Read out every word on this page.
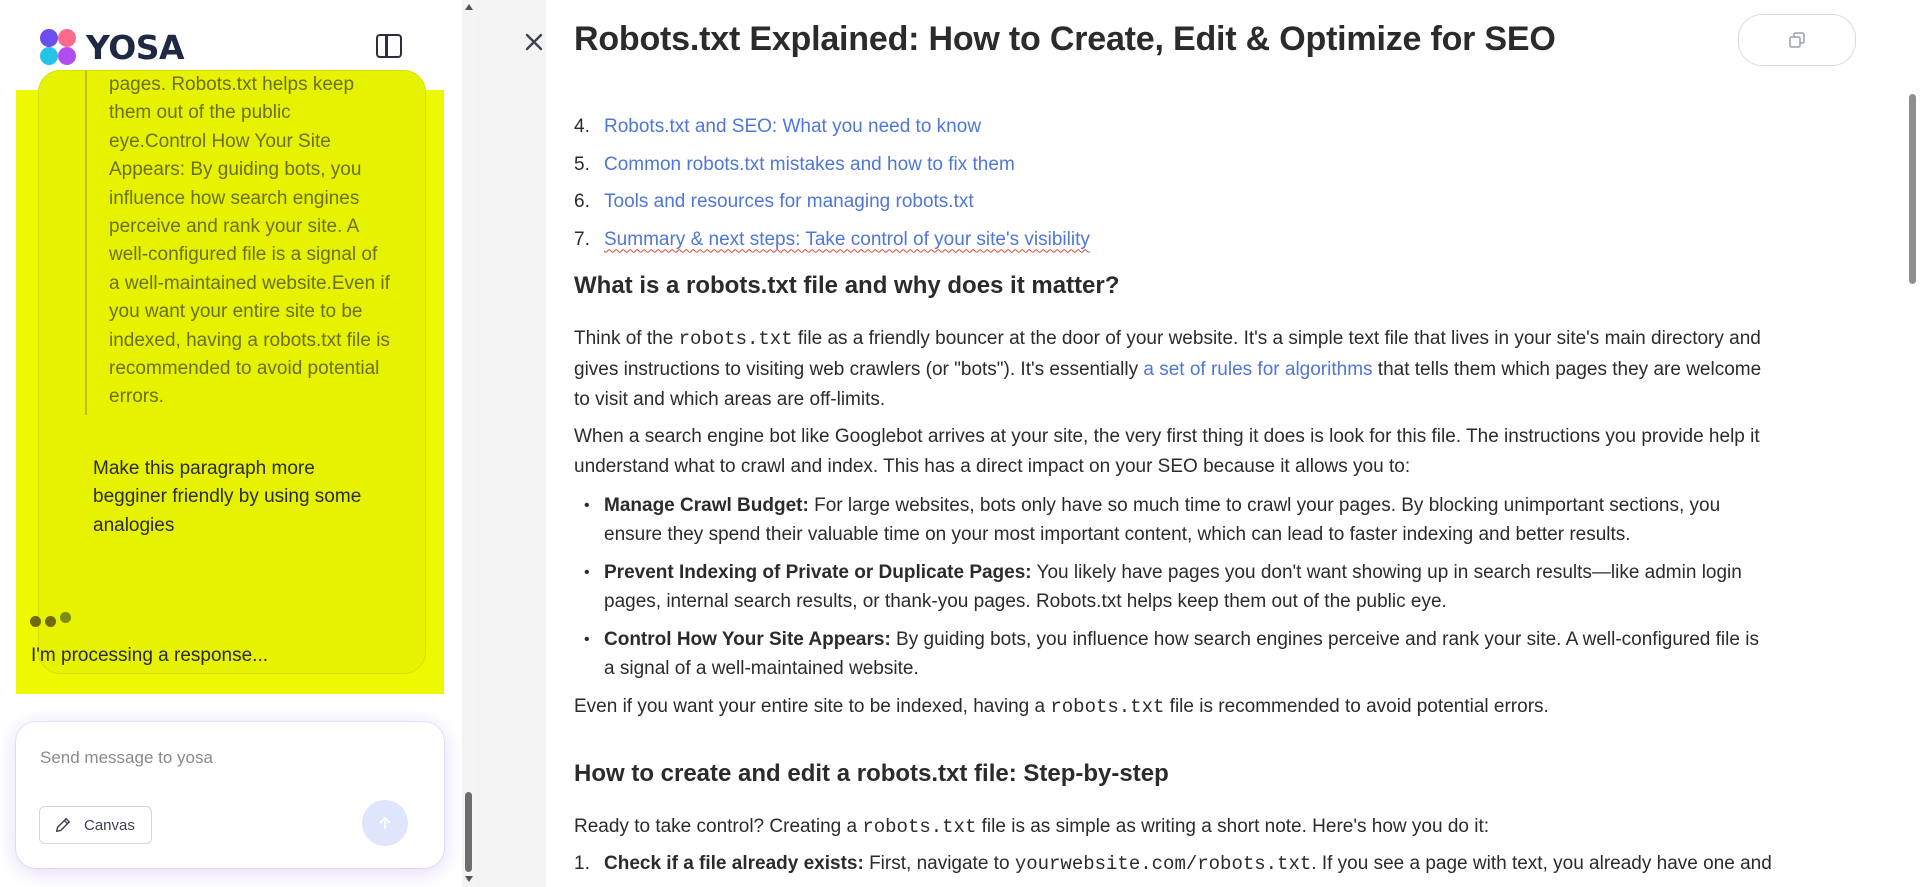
YOSA
pages. Robots.txt helps keep
them out of the public
eye.Control How Your Site
Appears: By guiding bots, you
influence how search engines
perceive and rank your site. A
well-configured file is a signal of
a well-maintained website.Even if
you want your entire site to be
indexed, having a robots.txt file is
recommended to avoid potential
errors.
Make this paragraph more
begginer friendly by using some
analogies
I'm processing a response...
Send message to yosa
Canvas
Robots.txt Explained: How to Create, Edit & Optimize for SEO
4. Robots.txt and SEO: What you need to know
5. Common robots.txt mistakes and how to fix them
6. Tools and resources for managing robots.txt
7. Summary & next steps: Take control of your site's visibility
What is a robots.txt file and why does it matter?

Think of the robots.txt file as a friendly bouncer at the door of your website. It's a simple text file that lives in your site's main directory and gives instructions to visiting web crawlers (or "bots"). It's essentially a set of rules for algorithms that tells them which pages they are welcome to visit and which areas are off-limits.

When a search engine bot like Googlebot arrives at your site, the very first thing it does is look for this file. The instructions you provide help it understand what to crawl and index. This has a direct impact on your SEO because it allows you to:

• Manage Crawl Budget: For large websites, bots only have so much time to crawl your pages. By blocking unimportant sections, you ensure they spend their valuable time on your most important content, which can lead to faster indexing and better results.
• Prevent Indexing of Private or Duplicate Pages: You likely have pages you don't want showing up in search results—like admin login pages, internal search results, or thank-you pages. Robots.txt helps keep them out of the public eye.
• Control How Your Site Appears: By guiding bots, you influence how search engines perceive and rank your site. A well-configured file is a signal of a well-maintained website.

Even if you want your entire site to be indexed, having a robots.txt file is recommended to avoid potential errors.

How to create and edit a robots.txt file: Step-by-step

Ready to take control? Creating a robots.txt file is as simple as writing a short note. Here's how you do it:

1. Check if a file already exists: First, navigate to yourwebsite.com/robots.txt. If you see a page with text, you already have one and
